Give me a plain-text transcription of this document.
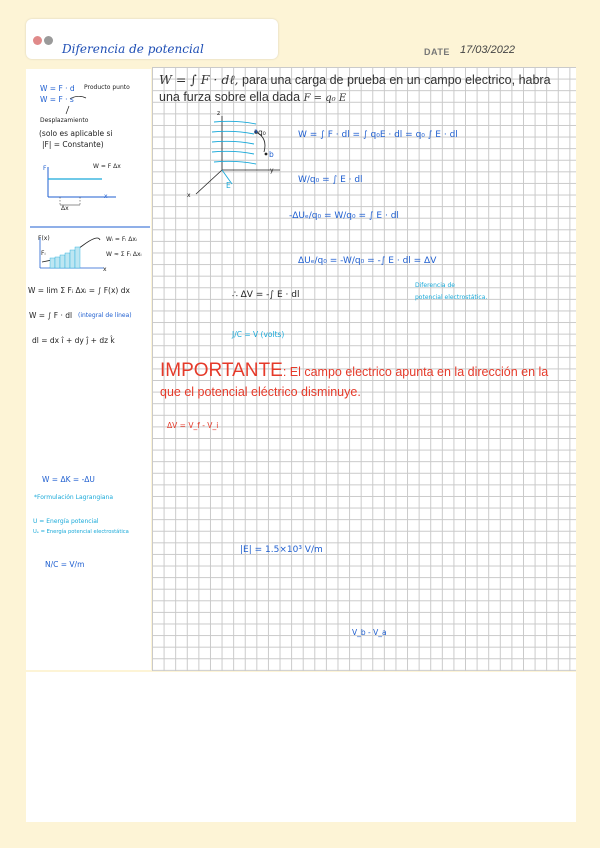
Diferencia de potencial	DATE 17/03/2022
W = F · d
W = F · s
Producto punto
Desplazamiento
(solo es aplicable si
|F| = Constante)
W = F Δx
F
x
Δx
F(x)
Fᵢ
Wᵢ = Fᵢ Δxᵢ
W ≈ Σ Fᵢ Δxᵢ
x
W = lim Σ Fᵢ Δxᵢ = ∫ F(x) dx
W = ∫ F · dl (integral de línea)
dl = dx î + dy ĵ + dz k̂
W = ΔK = -ΔU
*Formulación Lagrangiana
U = Energía potencial
Uₑ = Energía potencial electrostática
N/C = V/m
W = ∫ F · dℓ, para una carga de prueba en un campo electrico, habra una furza sobre ella dada F = q₀ E
z
x
y
q₀
E
a
b
W = ∫ F · dl = ∫ q₀E · dl = q₀ ∫ E · dl
W/q₀ = ∫ E · dl
-ΔUₑ/q₀ = W/q₀ = ∫ E · dl
ΔUₑ/q₀ = -W/q₀ = -∫ E · dl = ΔV
∴ ΔV = -∫ E · dl
Diferencia de
potencial electrostática.
J/C = V (volts)
IMPORTANTE: El campo electrico apunta en la dirección en la que el potencial eléctrico disminuye.
ΔV = V_f - V_i
|E| = 1.5×10³ V/m
V_b - V_a
